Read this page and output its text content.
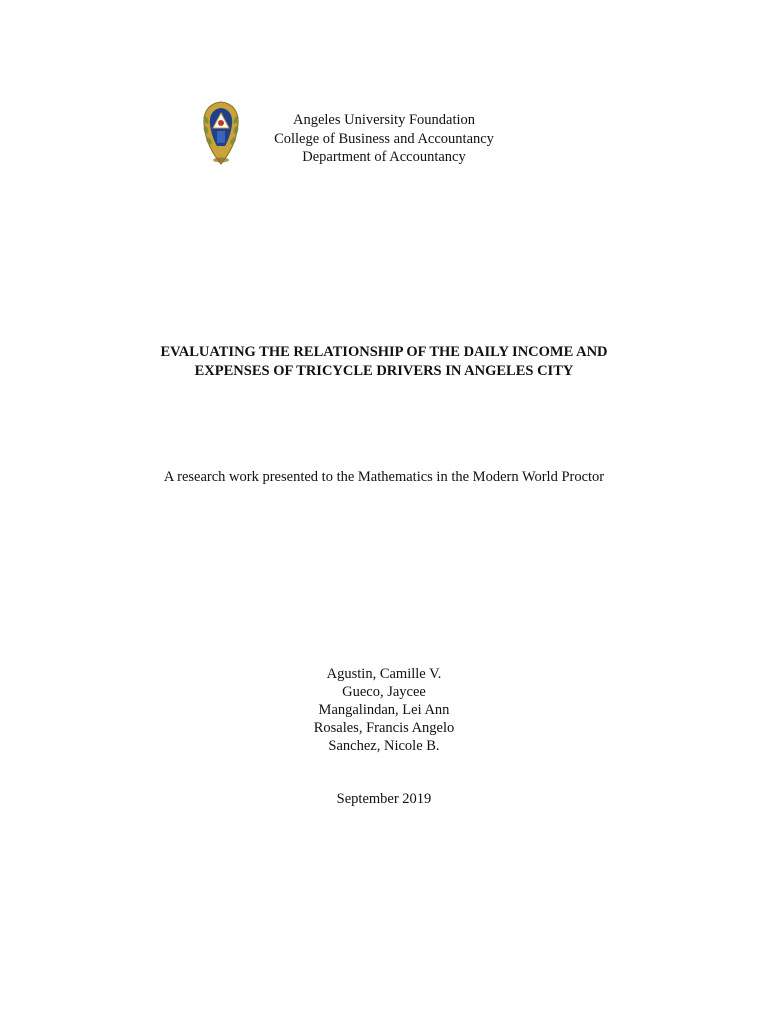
Angeles University Foundation
College of Business and Accountancy
Department of Accountancy
EVALUATING THE RELATIONSHIP OF THE DAILY INCOME AND
EXPENSES OF TRICYCLE DRIVERS IN ANGELES CITY
A research work presented to the Mathematics in the Modern World Proctor
Agustin, Camille V.
Gueco, Jaycee
Mangalindan, Lei Ann
Rosales, Francis Angelo
Sanchez, Nicole B.
September 2019
